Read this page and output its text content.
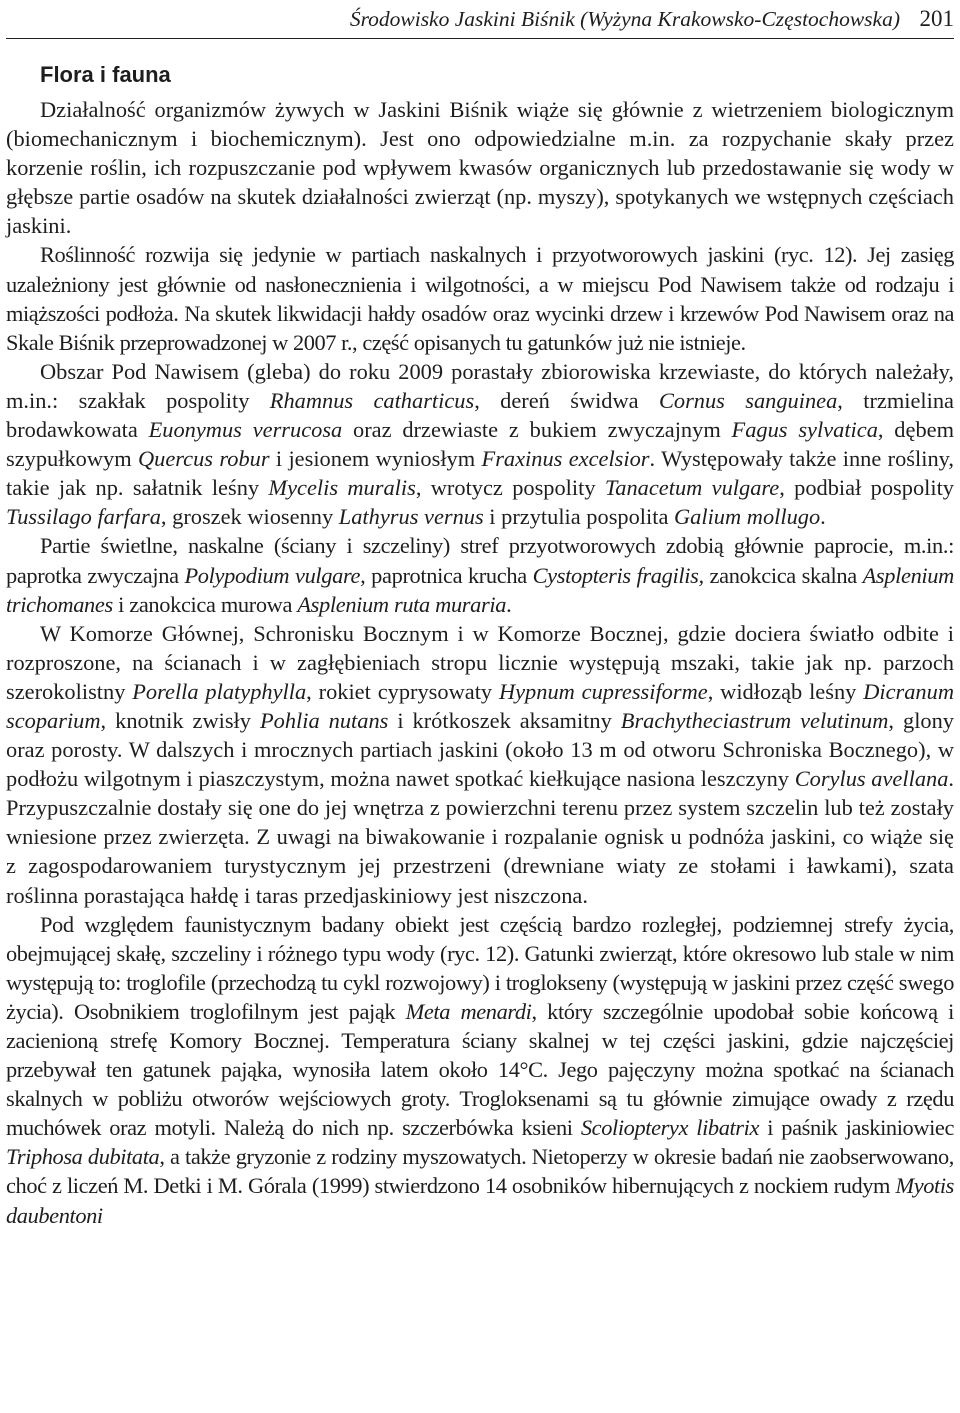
Środowisko Jaskini Biśnik (Wyżyna Krakowsko-Częstochowska) 201
Flora i fauna

Działalność organizmów żywych w Jaskini Biśnik wiąże się głównie z wietrzeniem biologicznym (biomechanicznym i biochemicznym). Jest ono odpowiedzialne m.in. za rozpychanie skały przez korzenie roślin, ich rozpuszczanie pod wpływem kwasów organicznych lub przedostawanie się wody w głębsze partie osadów na skutek działalności zwierząt (np. myszy), spotykanych we wstępnych częściach jaskini.

Roślinność rozwija się jedynie w partiach naskalnych i przyotworowych jaskini (ryc. 12). Jej zasięg uzależniony jest głównie od nasłonecznienia i wilgotności, a w miejscu Pod Nawisem także od rodzaju i miąższości podłoża. Na skutek likwidacji hałdy osadów oraz wycinki drzew i krzewów Pod Nawisem oraz na Skale Biśnik przeprowadzonej w 2007 r., część opisanych tu gatunków już nie istnieje.

Obszar Pod Nawisem (gleba) do roku 2009 porastały zbiorowiska krzewiaste, do których należały, m.in.: szakłak pospolity Rhamnus catharticus, dereń świdwa Cornus sanguinea, trzmielina brodawkowata Euonymus verrucosa oraz drzewiaste z bukiem zwyczajnym Fagus sylvatica, dębem szypułkowym Quercus robur i jesionem wyniosłym Fraxinus excelsior. Występowały także inne rośliny, takie jak np. sałatnik leśny Mycelis muralis, wrotycz pospolity Tanacetum vulgare, podbiał pospolity Tussilago farfara, groszek wiosenny Lathyrus vernus i przytulia pospolita Galium mollugo.

Partie świetlne, naskalne (ściany i szczeliny) stref przyotworowych zdobią głównie paprocie, m.in.: paprotka zwyczajna Polypodium vulgare, paprotnica krucha Cystopteris fragilis, zanokcica skalna Asplenium trichomanes i zanokcica murowa Asplenium ruta muraria.

W Komorze Głównej, Schronisku Bocznym i w Komorze Bocznej, gdzie dociera światło odbite i rozproszone, na ścianach i w zagłębieniach stropu licznie występują mszaki, takie jak np. parzoch szerokolistny Porella platyphylla, rokiet cyprysowaty Hypnum cupressiforme, widłoząb leśny Dicranum scoparium, knotnik zwisły Pohlia nutans i krótkoszek aksamitny Brachytheciastrum velutinum, glony oraz porosty. W dalszych i mrocznych partiach jaskini (około 13 m od otworu Schroniska Bocznego), w podłożu wilgotnym i piaszczystym, można nawet spotkać kiełkujące nasiona leszczyny Corylus avellana. Przypuszczalnie dostały się one do jej wnętrza z powierzchni terenu przez system szczelin lub też zostały wniesione przez zwierzęta. Z uwagi na biwakowanie i rozpalanie ognisk u podnóża jaskini, co wiąże się z zagospodarowaniem turystycznym jej przestrzeni (drewniane wiaty ze stołami i ławkami), szata roślinna porastająca hałdę i taras przedjaskiniowy jest niszczona.

Pod względem faunistycznym badany obiekt jest częścią bardzo rozległej, podziemnej strefy życia, obejmującej skałę, szczeliny i różnego typu wody (ryc. 12). Gatunki zwierząt, które okresowo lub stale w nim występują to: troglofile (przechodzą tu cykl rozwojowy) i troglokseny (występują w jaskini przez część swego życia). Osobnikiem troglofilnym jest pająk Meta menardi, który szczególnie upodobał sobie końcową i zacienioną strefę Komory Bocznej. Temperatura ściany skalnej w tej części jaskini, gdzie najczęściej przebywał ten gatunek pająka, wynosiła latem około 14°C. Jego pajęczyny można spotkać na ścianach skalnych w pobliżu otworów wejściowych groty. Trogloksenami są tu głównie zimujące owady z rzędu muchówek oraz motyli. Należą do nich np. szczerbówka ksieni Scoliopteryx libatrix i paśnik jaskiniowiec Triphosa dubitata, a także gryzonie z rodziny myszowatych. Nietoperzy w okresie badań nie zaobserwowano, choć z liczeń M. Detki i M. Górala (1999) stwierdzono 14 osobników hibernujących z nockiem rudym Myotis daubentoni
